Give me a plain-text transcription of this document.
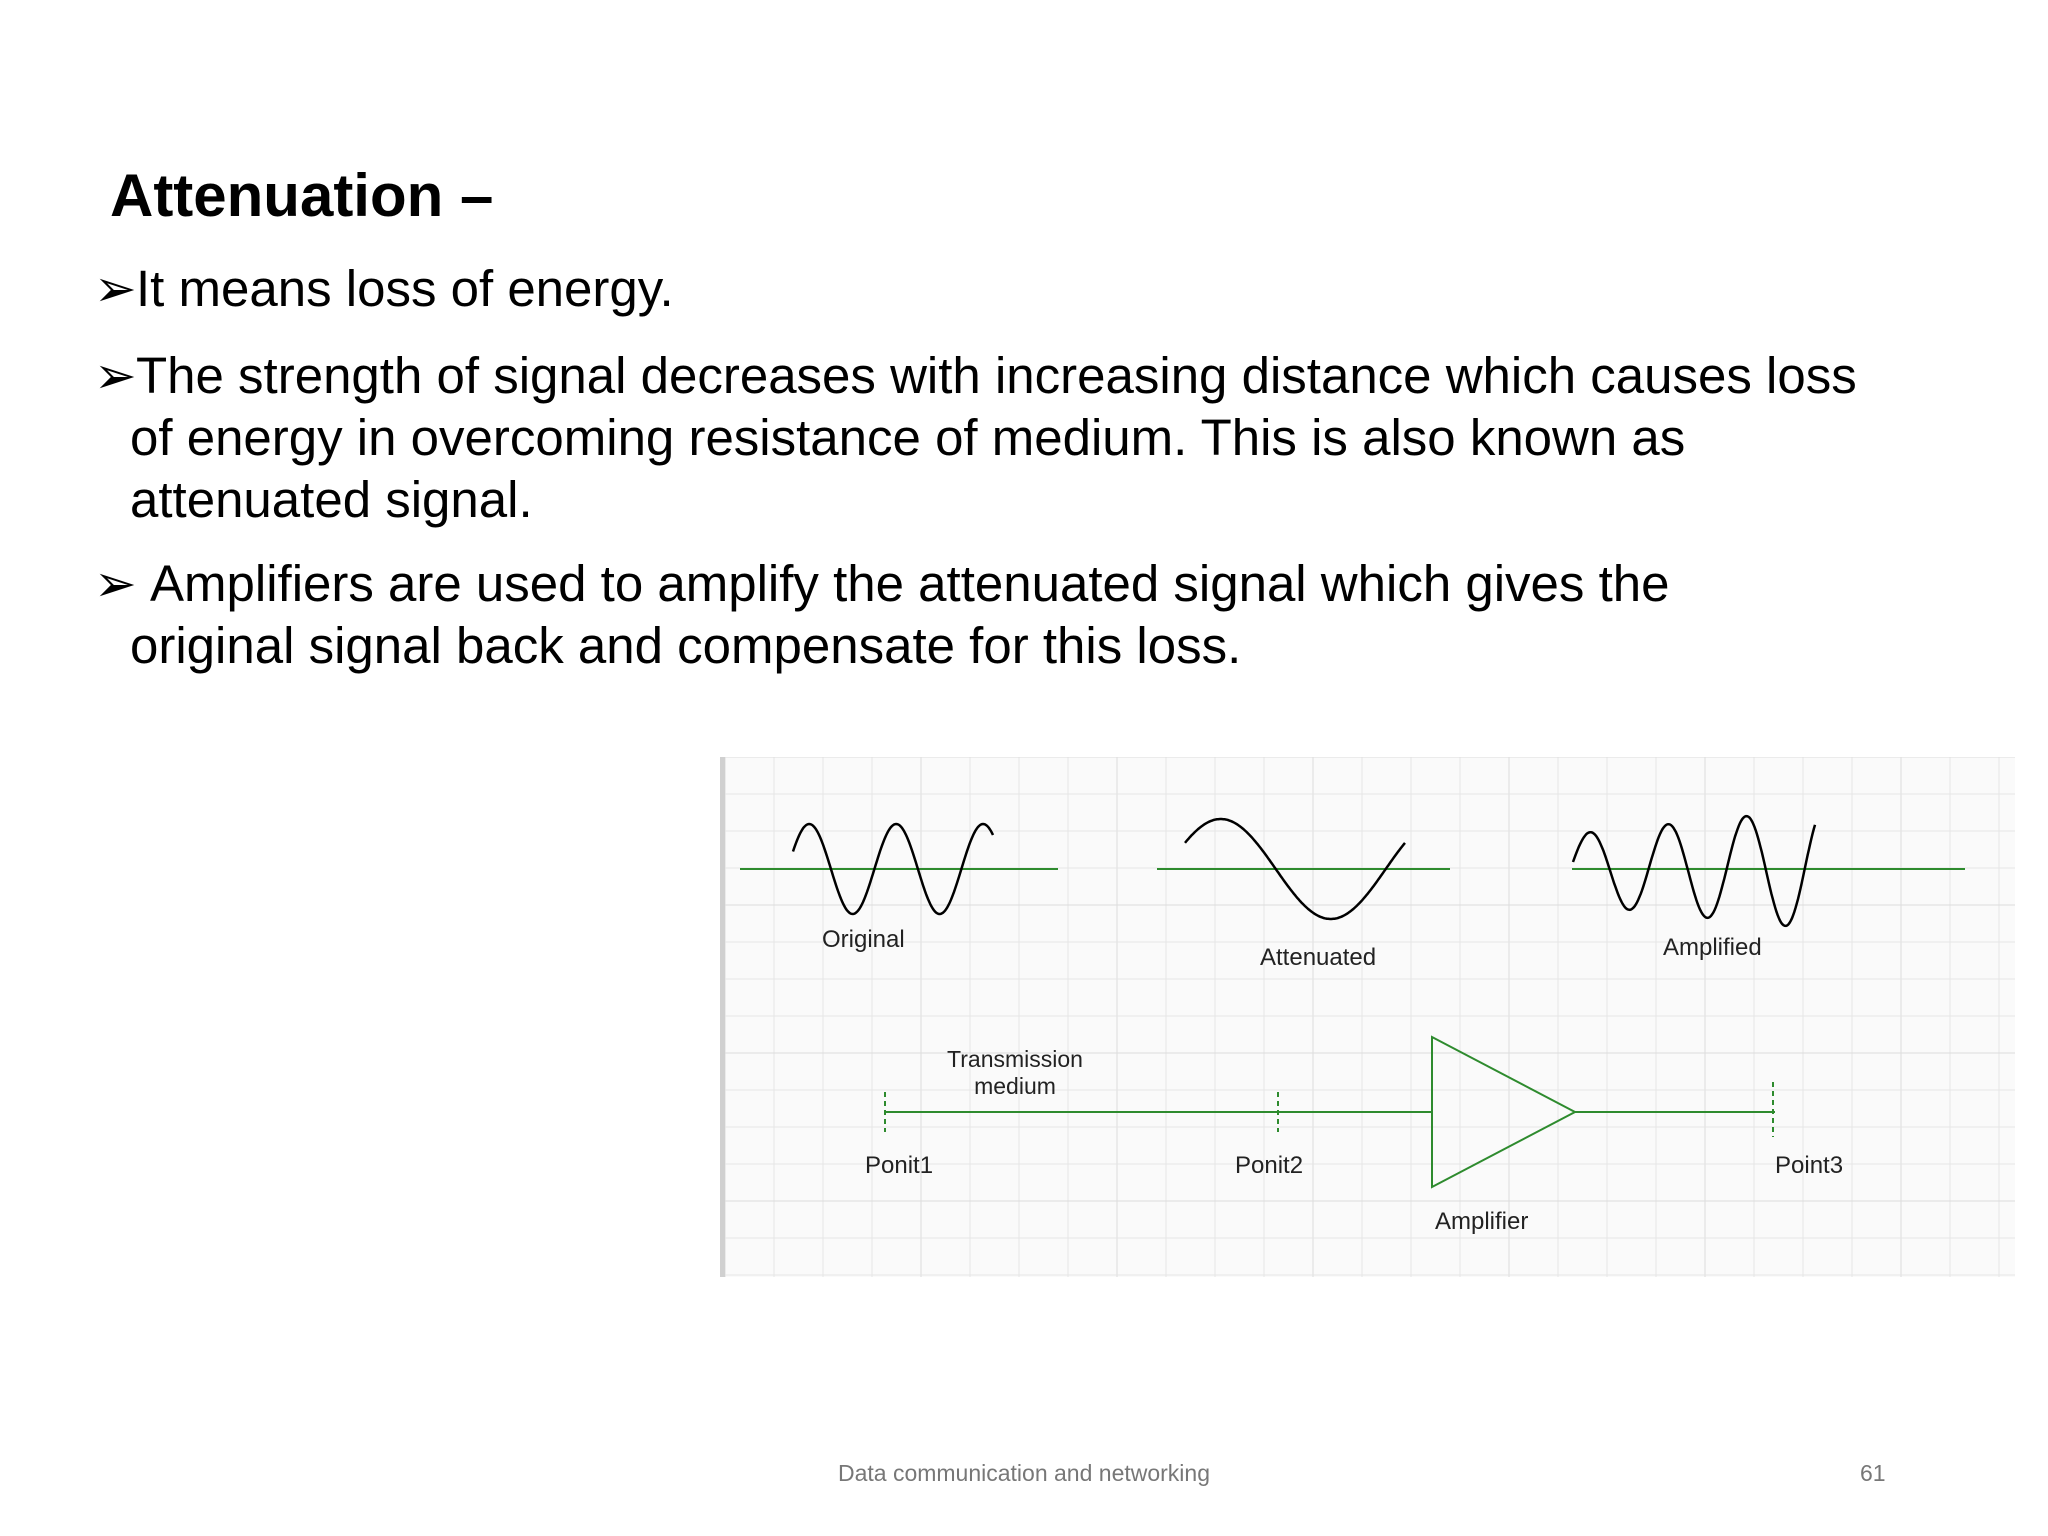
Attenuation –
➢ It means loss of energy.
➢ The strength of signal decreases with increasing distance which causes loss
of energy in overcoming resistance of medium. This is also known as
attenuated signal.
➢ Amplifiers are used to amplify the attenuated signal which gives the
original signal back and compensate for this loss.
Original
Attenuated	Amplified
Transmission
medium
Ponit1	Ponit2	Point3
Amplifier
Data communication and networking	61
